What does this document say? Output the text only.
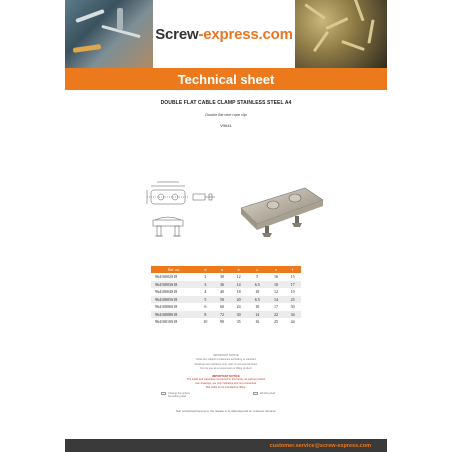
Screw-express.com
Technical sheet
DOUBLE FLAT CABLE CLAMP STAINLESS STEEL A4
Double flat wire rope clip
V9641
Ref. no.	d	a	b	c	e	f
96410002S18	2	30	12	5	16	15
96410003S18	3	36	14	6.5	10	17
96410004S18	4	40	18	10	12	19
96410005S18	5	50	20	6.5	14	25
96410006S18	6	60	24	10	17	30
96410008S18	8	72	30	14	22	34
96410010S18	10	90	35	16	25	44
IMPORTANT NOTICE
Sizes are subject to tolerance according to standard
Drawings are indicative only, refer to commercial sheet
Do not use as a suspension or lifting product
IMPORTANT NOTICE
The loads and capacities mentioned in this family, as well as product
own drawings, are only indicative and not contractual.
Flat cable is not intended for lifting.
Change the sphere
Smoothing load
Working load
Non contractual document, the release in its data depends on customer demand.
customer.service@screw-express.com
